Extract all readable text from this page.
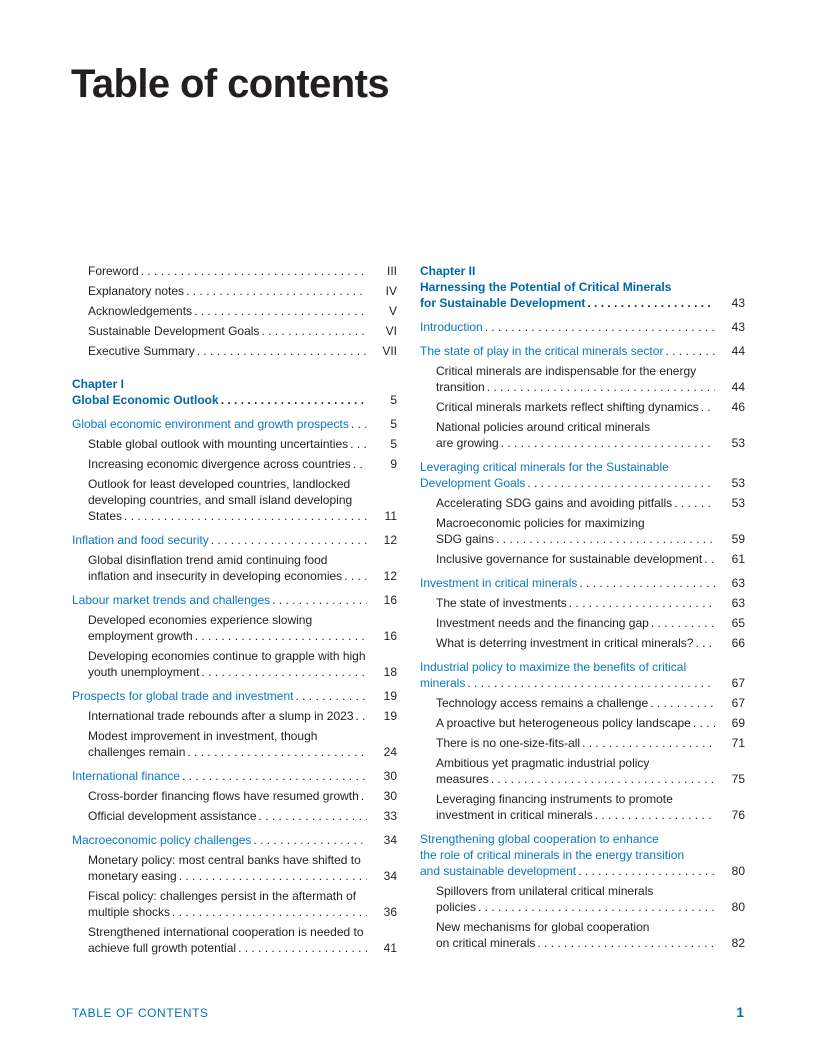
Table of contents
Foreword . . .	III
Explanatory notes . . .	IV
Acknowledgements . . .	V
Sustainable Development Goals . . .	VI
Executive Summary . . .	VII
Chapter I
Global Economic Outlook . . .	5
Global economic environment and growth prospects . . .	5
Stable global outlook with mounting uncertainties . . .	5
Increasing economic divergence across countries . . .	9
Outlook for least developed countries, landlocked
developing countries, and small island developing
States . . .	11
Inflation and food security . . .	12
Global disinflation trend amid continuing food
inflation and insecurity in developing economies . . .	12
Labour market trends and challenges . . .	16
Developed economies experience slowing
employment growth . . .	16
Developing economies continue to grapple with high
youth unemployment . . .	18
Prospects for global trade and investment . . .	19
International trade rebounds after a slump in 2023 . . .	19
Modest improvement in investment, though
challenges remain . . .	24
International finance . . .	30
Cross-border financing flows have resumed growth . . .	30
Official development assistance . . .	33
Macroeconomic policy challenges . . .	34
Monetary policy: most central banks have shifted to
monetary easing . . .	34
Fiscal policy: challenges persist in the aftermath of
multiple shocks . . .	36
Strengthened international cooperation is needed to
achieve full growth potential . . .	41
Chapter II
Harnessing the Potential of Critical Minerals
for Sustainable Development . . .	43
Introduction . . .	43
The state of play in the critical minerals sector . . .	44
Critical minerals are indispensable for the energy
transition . . .	44
Critical minerals markets reflect shifting dynamics . . .	46
National policies around critical minerals
are growing . . .	53
Leveraging critical minerals for the Sustainable
Development Goals . . .	53
Accelerating SDG gains and avoiding pitfalls . . .	53
Macroeconomic policies for maximizing
SDG gains . . .	59
Inclusive governance for sustainable development . . .	61
Investment in critical minerals . . .	63
The state of investments . . .	63
Investment needs and the financing gap . . .	65
What is deterring investment in critical minerals? . . .	66
Industrial policy to maximize the benefits of critical
minerals . . .	67
Technology access remains a challenge . . .	67
A proactive but heterogeneous policy landscape . . .	69
There is no one-size-fits-all . . .	71
Ambitious yet pragmatic industrial policy
measures . . .	75
Leveraging financing instruments to promote
investment in critical minerals . . .	76
Strengthening global cooperation to enhance
the role of critical minerals in the energy transition
and sustainable development . . .	80
Spillovers from unilateral critical minerals
policies . . .	80
New mechanisms for global cooperation
on critical minerals . . .	82
TABLE OF CONTENTS	1
